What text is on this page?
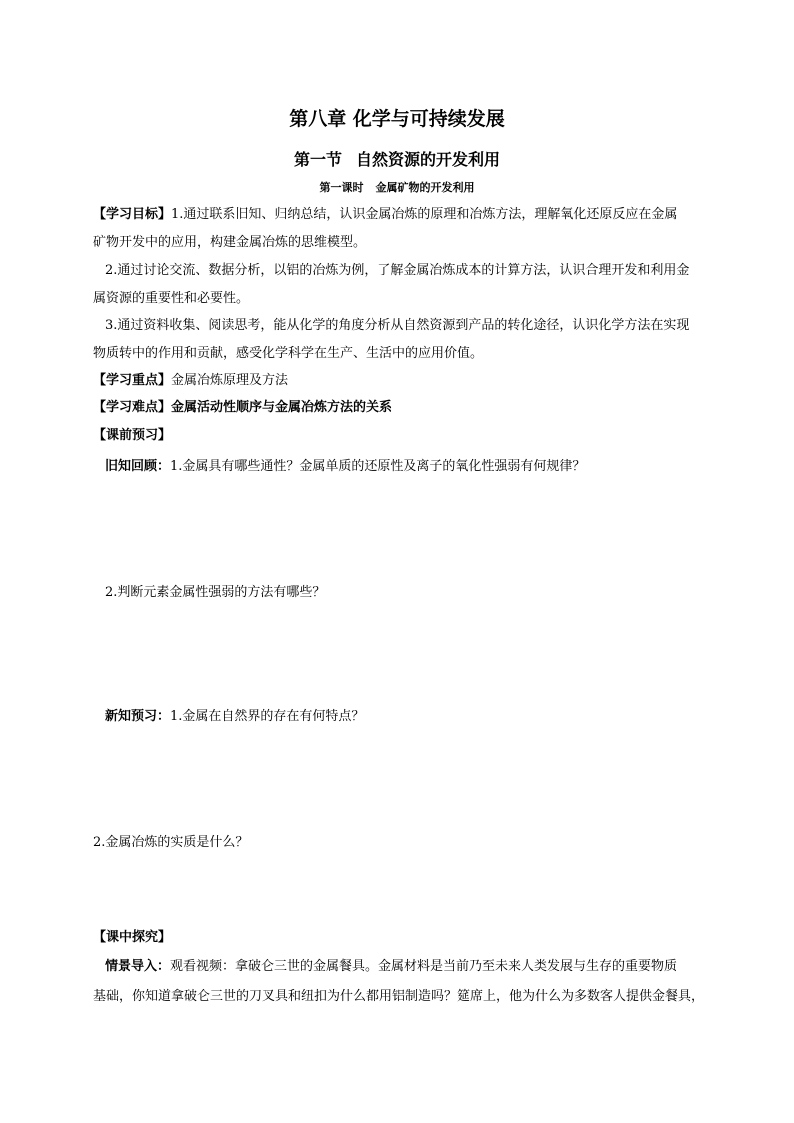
第八章 化学与可持续发展
第一节 自然资源的开发利用
第一课时 金属矿物的开发利用
【学习目标】1.通过联系旧知、归纳总结，认识金属冶炼的原理和冶炼方法，理解氧化还原反应在金属
矿物开发中的应用，构建金属冶炼的思维模型。
2.通过讨论交流、数据分析，以铝的冶炼为例，了解金属冶炼成本的计算方法，认识合理开发和利用金
属资源的重要性和必要性。
3.通过资料收集、阅读思考，能从化学的角度分析从自然资源到产品的转化途径，认识化学方法在实现
物质转中的作用和贡献，感受化学科学在生产、生活中的应用价值。
【学习重点】金属冶炼原理及方法
【学习难点】金属活动性顺序与金属冶炼方法的关系
【课前预习】
旧知回顾：1.金属具有哪些通性？金属单质的还原性及离子的氧化性强弱有何规律？
2.判断元素金属性强弱的方法有哪些？
新知预习：1.金属在自然界的存在有何特点？
2.金属冶炼的实质是什么？
【课中探究】
情景导入：观看视频：拿破仑三世的金属餐具。金属材料是当前乃至未来人类发展与生存的重要物质
基础，你知道拿破仑三世的刀叉具和纽扣为什么都用铝制造吗？筵席上，他为什么为多数客人提供金餐具，
